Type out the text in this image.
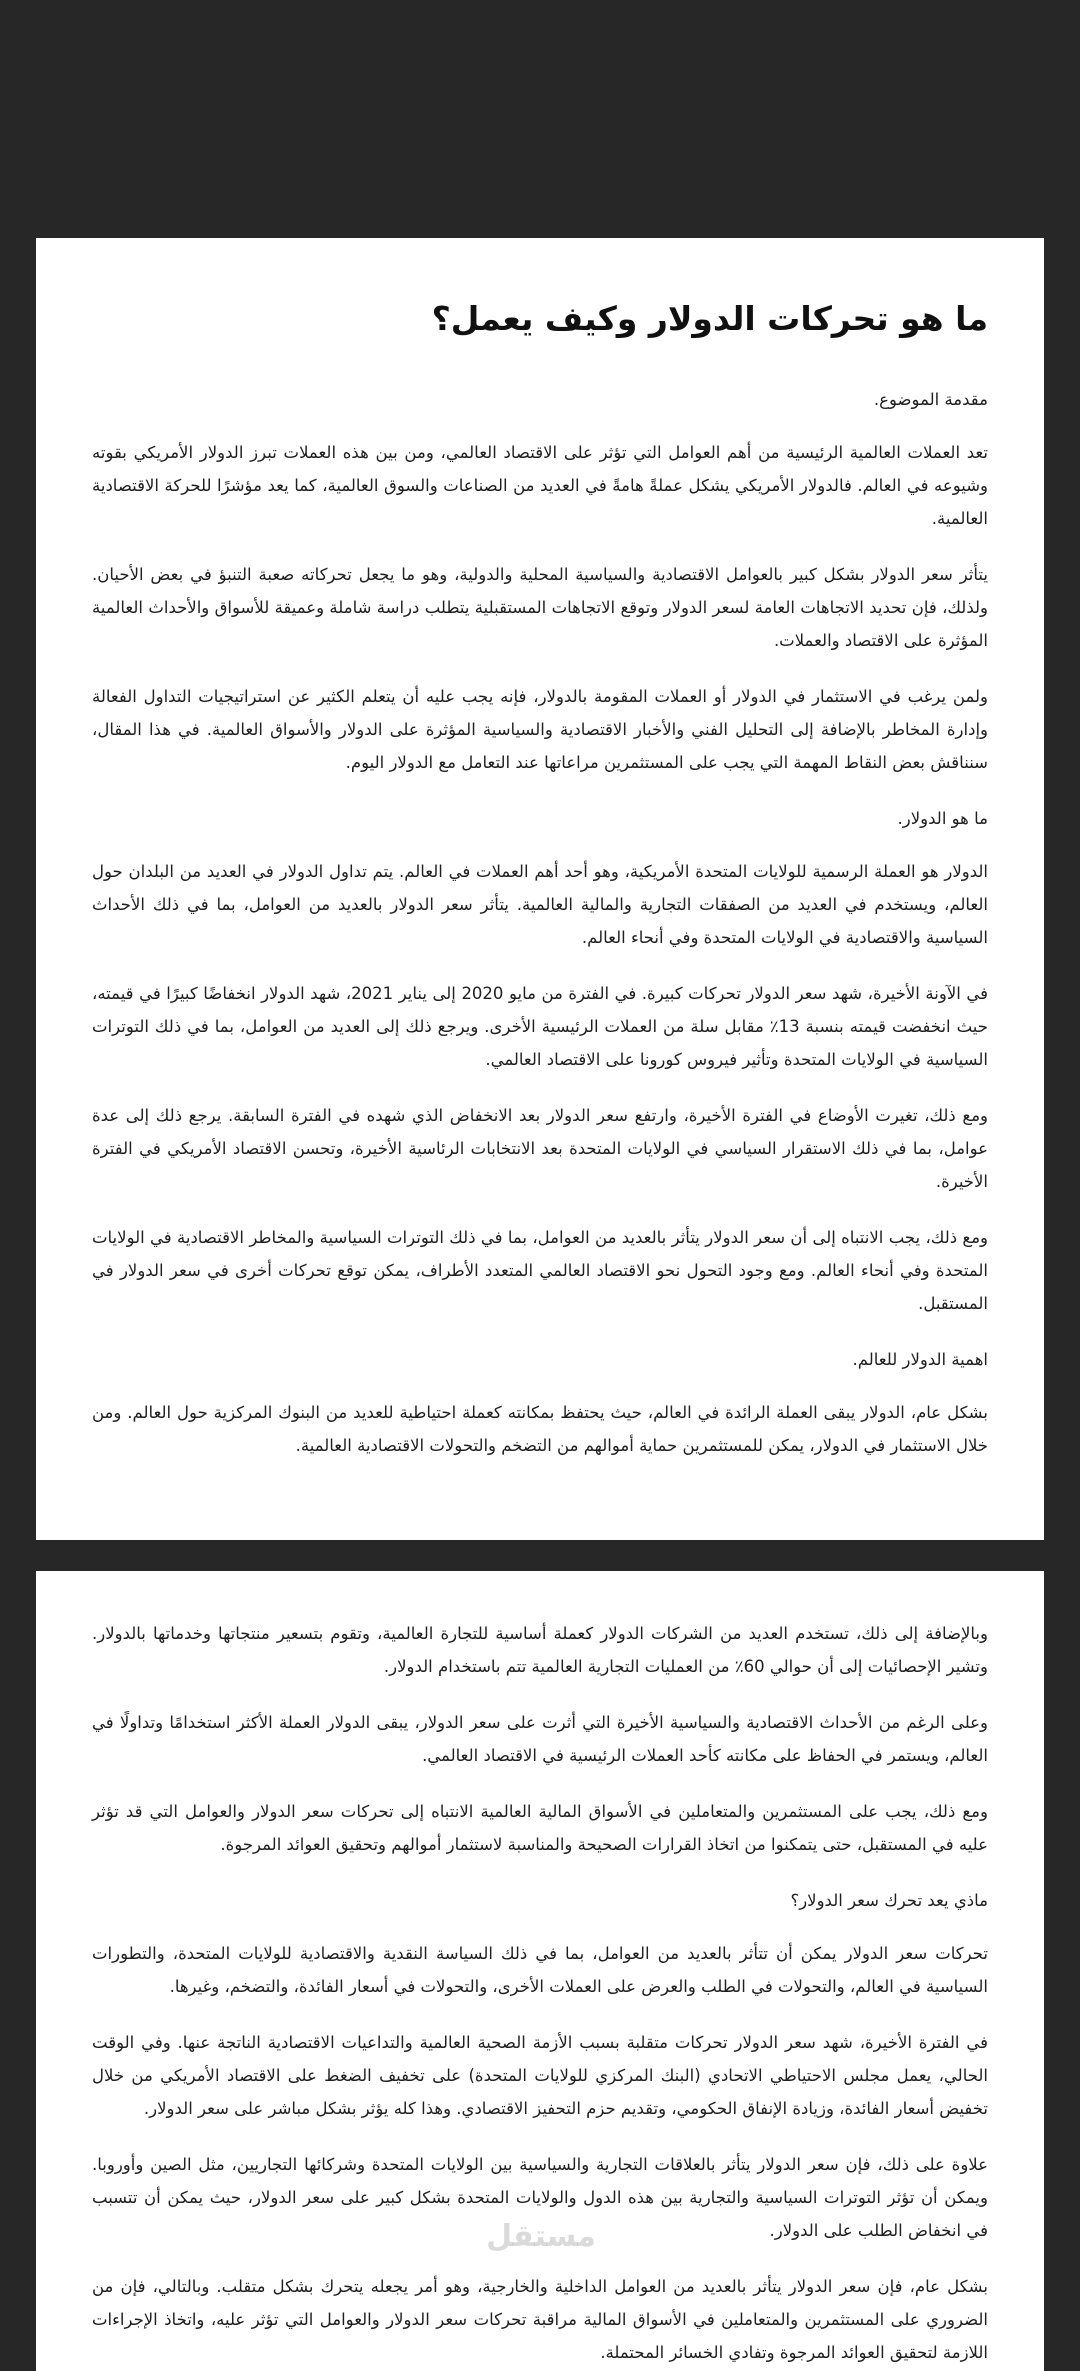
ما هو تحركات الدولار وكيف يعمل؟

مقدمة الموضوع.

تعد العملات العالمية الرئيسية من أهم العوامل التي تؤثر على الاقتصاد العالمي، ومن بين هذه العملات تبرز الدولار الأمريكي بقوته وشيوعه في العالم. فالدولار الأمريكي يشكل عملةً هامةً في العديد من الصناعات والسوق العالمية، كما يعد مؤشرًا للحركة الاقتصادية العالمية.

يتأثر سعر الدولار بشكل كبير بالعوامل الاقتصادية والسياسية المحلية والدولية، وهو ما يجعل تحركاته صعبة التنبؤ في بعض الأحيان. ولذلك، فإن تحديد الاتجاهات العامة لسعر الدولار وتوقع الاتجاهات المستقبلية يتطلب دراسة شاملة وعميقة للأسواق والأحداث العالمية المؤثرة على الاقتصاد والعملات.

ولمن يرغب في الاستثمار في الدولار أو العملات المقومة بالدولار، فإنه يجب عليه أن يتعلم الكثير عن استراتيجيات التداول الفعالة وإدارة المخاطر بالإضافة إلى التحليل الفني والأخبار الاقتصادية والسياسية المؤثرة على الدولار والأسواق العالمية. في هذا المقال، سنناقش بعض النقاط المهمة التي يجب على المستثمرين مراعاتها عند التعامل مع الدولار اليوم.

ما هو الدولار.

الدولار هو العملة الرسمية للولايات المتحدة الأمريكية، وهو أحد أهم العملات في العالم. يتم تداول الدولار في العديد من البلدان حول العالم، ويستخدم في العديد من الصفقات التجارية والمالية العالمية. يتأثر سعر الدولار بالعديد من العوامل، بما في ذلك الأحداث السياسية والاقتصادية في الولايات المتحدة وفي أنحاء العالم.

في الآونة الأخيرة، شهد سعر الدولار تحركات كبيرة. في الفترة من مايو 2020 إلى يناير 2021، شهد الدولار انخفاضًا كبيرًا في قيمته، حيث انخفضت قيمته بنسبة 13٪ مقابل سلة من العملات الرئيسية الأخرى. ويرجع ذلك إلى العديد من العوامل، بما في ذلك التوترات السياسية في الولايات المتحدة وتأثير فيروس كورونا على الاقتصاد العالمي.

ومع ذلك، تغيرت الأوضاع في الفترة الأخيرة، وارتفع سعر الدولار بعد الانخفاض الذي شهده في الفترة السابقة. يرجع ذلك إلى عدة عوامل، بما في ذلك الاستقرار السياسي في الولايات المتحدة بعد الانتخابات الرئاسية الأخيرة، وتحسن الاقتصاد الأمريكي في الفترة الأخيرة.

ومع ذلك، يجب الانتباه إلى أن سعر الدولار يتأثر بالعديد من العوامل، بما في ذلك التوترات السياسية والمخاطر الاقتصادية في الولايات المتحدة وفي أنحاء العالم. ومع وجود التحول نحو الاقتصاد العالمي المتعدد الأطراف، يمكن توقع تحركات أخرى في سعر الدولار في المستقبل.

اهمية الدولار للعالم.

بشكل عام، الدولار يبقى العملة الرائدة في العالم، حيث يحتفظ بمكانته كعملة احتياطية للعديد من البنوك المركزية حول العالم. ومن خلال الاستثمار في الدولار، يمكن للمستثمرين حماية أموالهم من التضخم والتحولات الاقتصادية العالمية.

وبالإضافة إلى ذلك، تستخدم العديد من الشركات الدولار كعملة أساسية للتجارة العالمية، وتقوم بتسعير منتجاتها وخدماتها بالدولار. وتشير الإحصائيات إلى أن حوالي 60٪ من العمليات التجارية العالمية تتم باستخدام الدولار.

وعلى الرغم من الأحداث الاقتصادية والسياسية الأخيرة التي أثرت على سعر الدولار، يبقى الدولار العملة الأكثر استخدامًا وتداولًا في العالم، ويستمر في الحفاظ على مكانته كأحد العملات الرئيسية في الاقتصاد العالمي.

ومع ذلك، يجب على المستثمرين والمتعاملين في الأسواق المالية العالمية الانتباه إلى تحركات سعر الدولار والعوامل التي قد تؤثر عليه في المستقبل، حتى يتمكنوا من اتخاذ القرارات الصحيحة والمناسبة لاستثمار أموالهم وتحقيق العوائد المرجوة.

ماذي يعد تحرك سعر الدولار؟

تحركات سعر الدولار يمكن أن تتأثر بالعديد من العوامل، بما في ذلك السياسة النقدية والاقتصادية للولايات المتحدة، والتطورات السياسية في العالم، والتحولات في الطلب والعرض على العملات الأخرى، والتحولات في أسعار الفائدة، والتضخم، وغيرها.

في الفترة الأخيرة، شهد سعر الدولار تحركات متقلبة بسبب الأزمة الصحية العالمية والتداعيات الاقتصادية الناتجة عنها. وفي الوقت الحالي، يعمل مجلس الاحتياطي الاتحادي (البنك المركزي للولايات المتحدة) على تخفيف الضغط على الاقتصاد الأمريكي من خلال تخفيض أسعار الفائدة، وزيادة الإنفاق الحكومي، وتقديم حزم التحفيز الاقتصادي. وهذا كله يؤثر بشكل مباشر على سعر الدولار.

علاوة على ذلك، فإن سعر الدولار يتأثر بالعلاقات التجارية والسياسية بين الولايات المتحدة وشركائها التجاريين، مثل الصين وأوروبا. ويمكن أن تؤثر التوترات السياسية والتجارية بين هذه الدول والولايات المتحدة بشكل كبير على سعر الدولار، حيث يمكن أن تتسبب في انخفاض الطلب على الدولار.

بشكل عام، فإن سعر الدولار يتأثر بالعديد من العوامل الداخلية والخارجية، وهو أمر يجعله يتحرك بشكل متقلب. وبالتالي، فإن من الضروري على المستثمرين والمتعاملين في الأسواق المالية مراقبة تحركات سعر الدولار والعوامل التي تؤثر عليه، واتخاذ الإجراءات اللازمة لتحقيق العوائد المرجوة وتفادي الخسائر المحتملة.

مستقل
